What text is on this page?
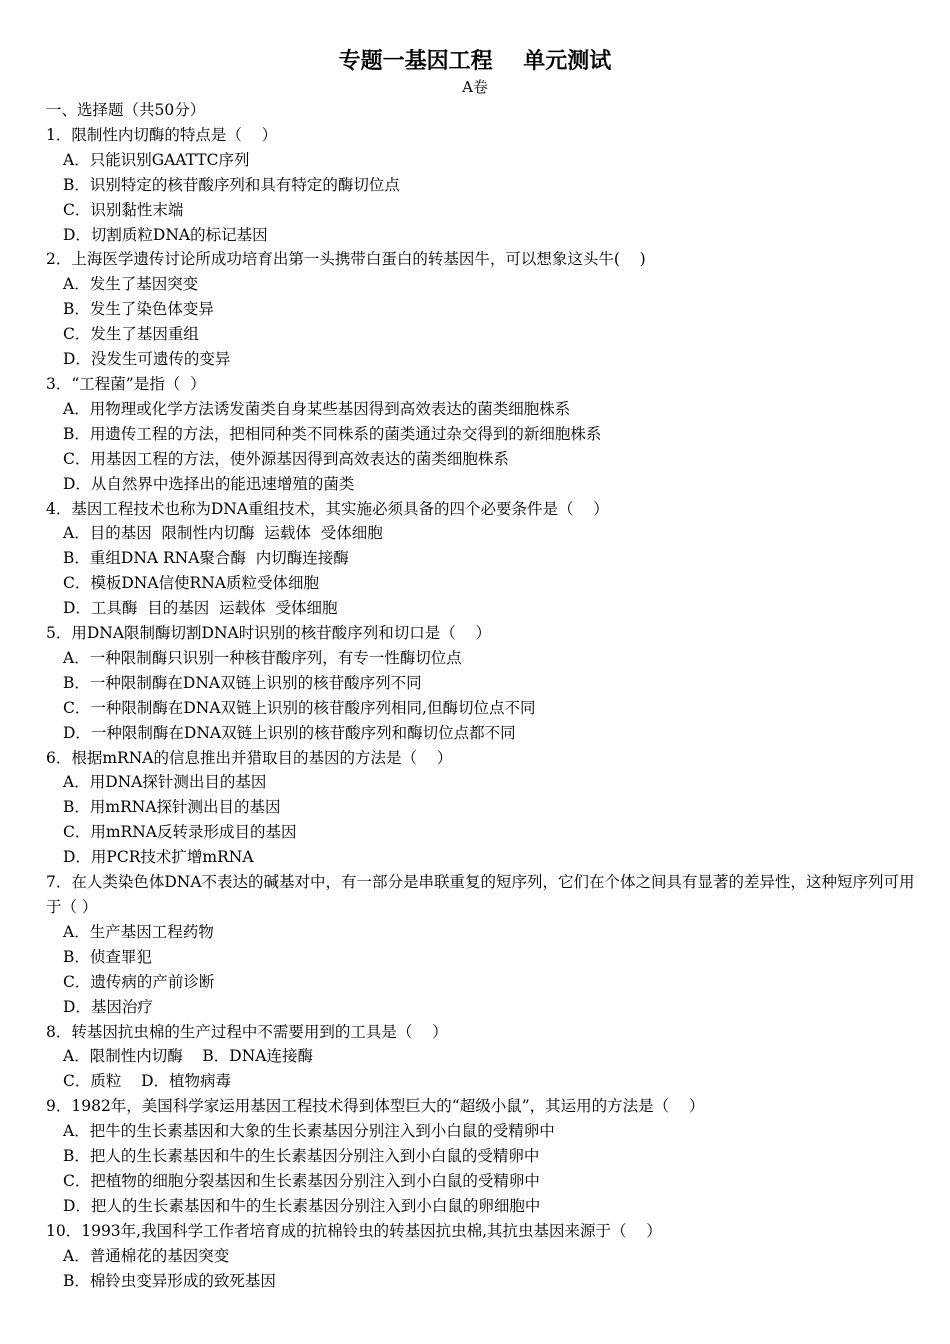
专题一基因工程    单元测试
A卷
一、选择题（共50分）
1．限制性内切酶的特点是（    ）
A．只能识别GAATTC序列
B．识别特定的核苷酸序列和具有特定的酶切位点
C．识别黏性末端
D．切割质粒DNA的标记基因
2．上海医学遗传讨论所成功培育出第一头携带白蛋白的转基因牛，可以想象这头牛(    )
A．发生了基因突变
B．发生了染色体变异
C．发生了基因重组
D．没发生可遗传的变异
3．“工程菌”是指（  ）
A．用物理或化学方法诱发菌类自身某些基因得到高效表达的菌类细胞株系
B．用遗传工程的方法，把相同种类不同株系的菌类通过杂交得到的新细胞株系
C．用基因工程的方法，使外源基因得到高效表达的菌类细胞株系
D．从自然界中选择出的能迅速增殖的菌类
4．基因工程技术也称为DNA重组技术，其实施必须具备的四个必要条件是（    ）
A．目的基因  限制性内切酶  运载体  受体细胞
B．重组DNA RNA聚合酶  内切酶连接酶
C．模板DNA信使RNA质粒受体细胞
D．工具酶  目的基因  运载体  受体细胞
5．用DNA限制酶切割DNA时识别的核苷酸序列和切口是（    ）
A．一种限制酶只识别一种核苷酸序列，有专一性酶切位点
B．一种限制酶在DNA双链上识别的核苷酸序列不同
C．一种限制酶在DNA双链上识别的核苷酸序列相同,但酶切位点不同
D．一种限制酶在DNA双链上识别的核苷酸序列和酶切位点都不同
6．根据mRNA的信息推出并猎取目的基因的方法是（    ）
A．用DNA探针测出目的基因
B．用mRNA探针测出目的基因
C．用mRNA反转录形成目的基因
D．用PCR技术扩增mRNA
7．在人类染色体DNA不表达的碱基对中，有一部分是串联重复的短序列，它们在个体之间具有显著的差异性，这种短序列可用于（ ）
A．生产基因工程药物
B．侦查罪犯
C．遗传病的产前诊断
D．基因治疗
8．转基因抗虫棉的生产过程中不需要用到的工具是（    ）
A．限制性内切酶    B．DNA连接酶
C．质粒    D．植物病毒
9．1982年，美国科学家运用基因工程技术得到体型巨大的“超级小鼠”，其运用的方法是（    ）
A．把牛的生长素基因和大象的生长素基因分别注入到小白鼠的受精卵中
B．把人的生长素基因和牛的生长素基因分别注入到小白鼠的受精卵中
C．把植物的细胞分裂基因和生长素基因分别注入到小白鼠的受精卵中
D．把人的生长素基因和牛的生长素基因分别注入到小白鼠的卵细胞中
10．1993年,我国科学工作者培育成的抗棉铃虫的转基因抗虫棉,其抗虫基因来源于（    ）
A．普通棉花的基因突变
B．棉铃虫变异形成的致死基因
